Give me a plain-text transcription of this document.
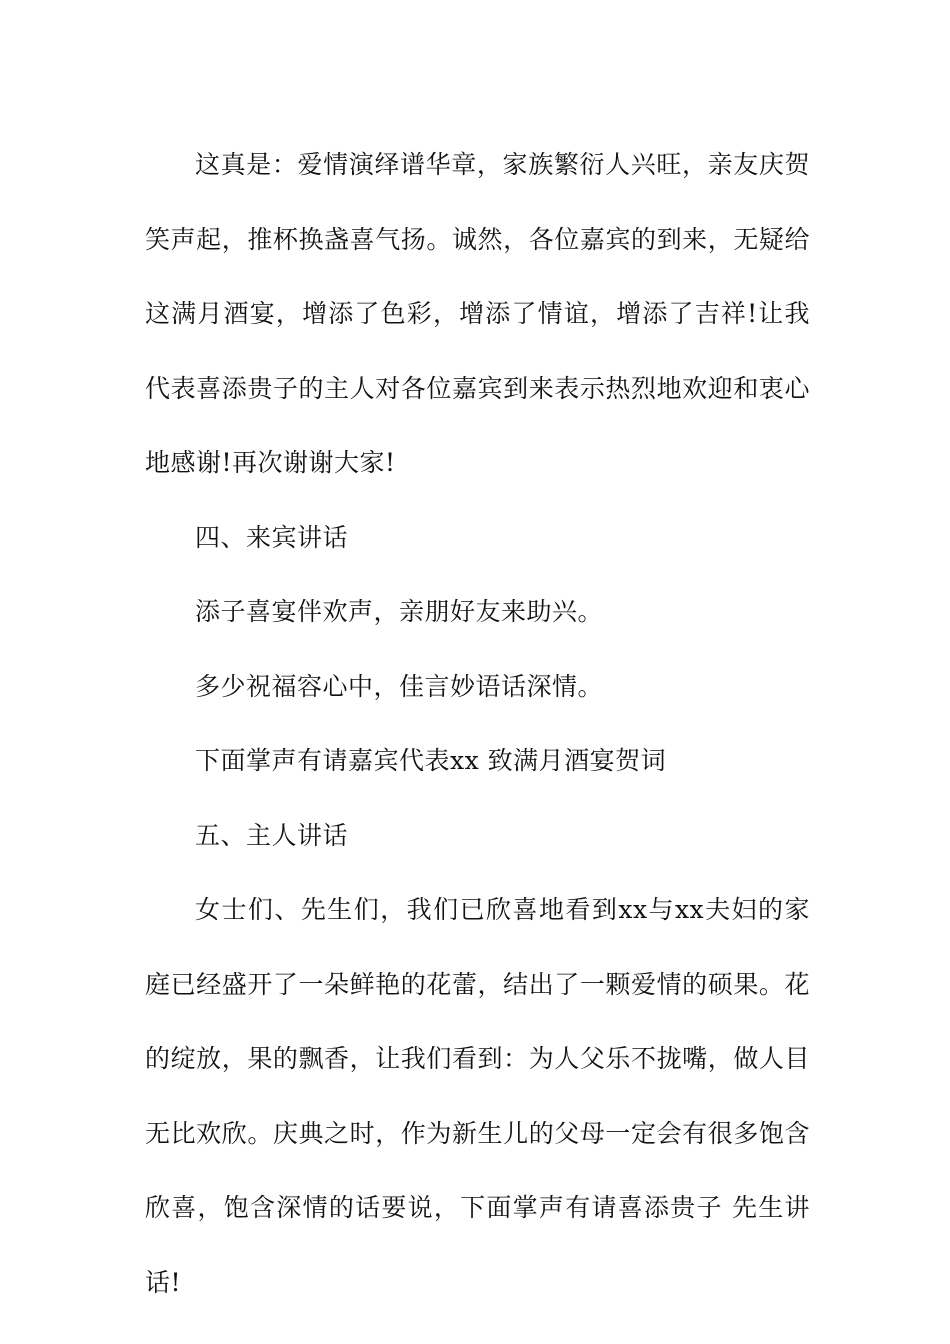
这真是：爱情演绎谱华章，家族繁衍人兴旺，亲友庆贺笑声起，推杯换盏喜气扬。诚然，各位嘉宾的到来，无疑给这满月酒宴，增添了色彩，增添了情谊，增添了吉祥!让我代表喜添贵子的主人对各位嘉宾到来表示热烈地欢迎和衷心地感谢!再次谢谢大家!

四、来宾讲话

添子喜宴伴欢声，亲朋好友来助兴。

多少祝福容心中，佳言妙语话深情。

下面掌声有请嘉宾代表xx 致满月酒宴贺词

五、主人讲话

女士们、先生们，我们已欣喜地看到xx与xx夫妇的家庭已经盛开了一朵鲜艳的花蕾，结出了一颗爱情的硕果。花的绽放，果的飘香，让我们看到：为人父乐不拢嘴，做人目无比欢欣。庆典之时，作为新生儿的父母一定会有很多饱含欣喜，饱含深情的话要说，下面掌声有请喜添贵子 先生讲话!
